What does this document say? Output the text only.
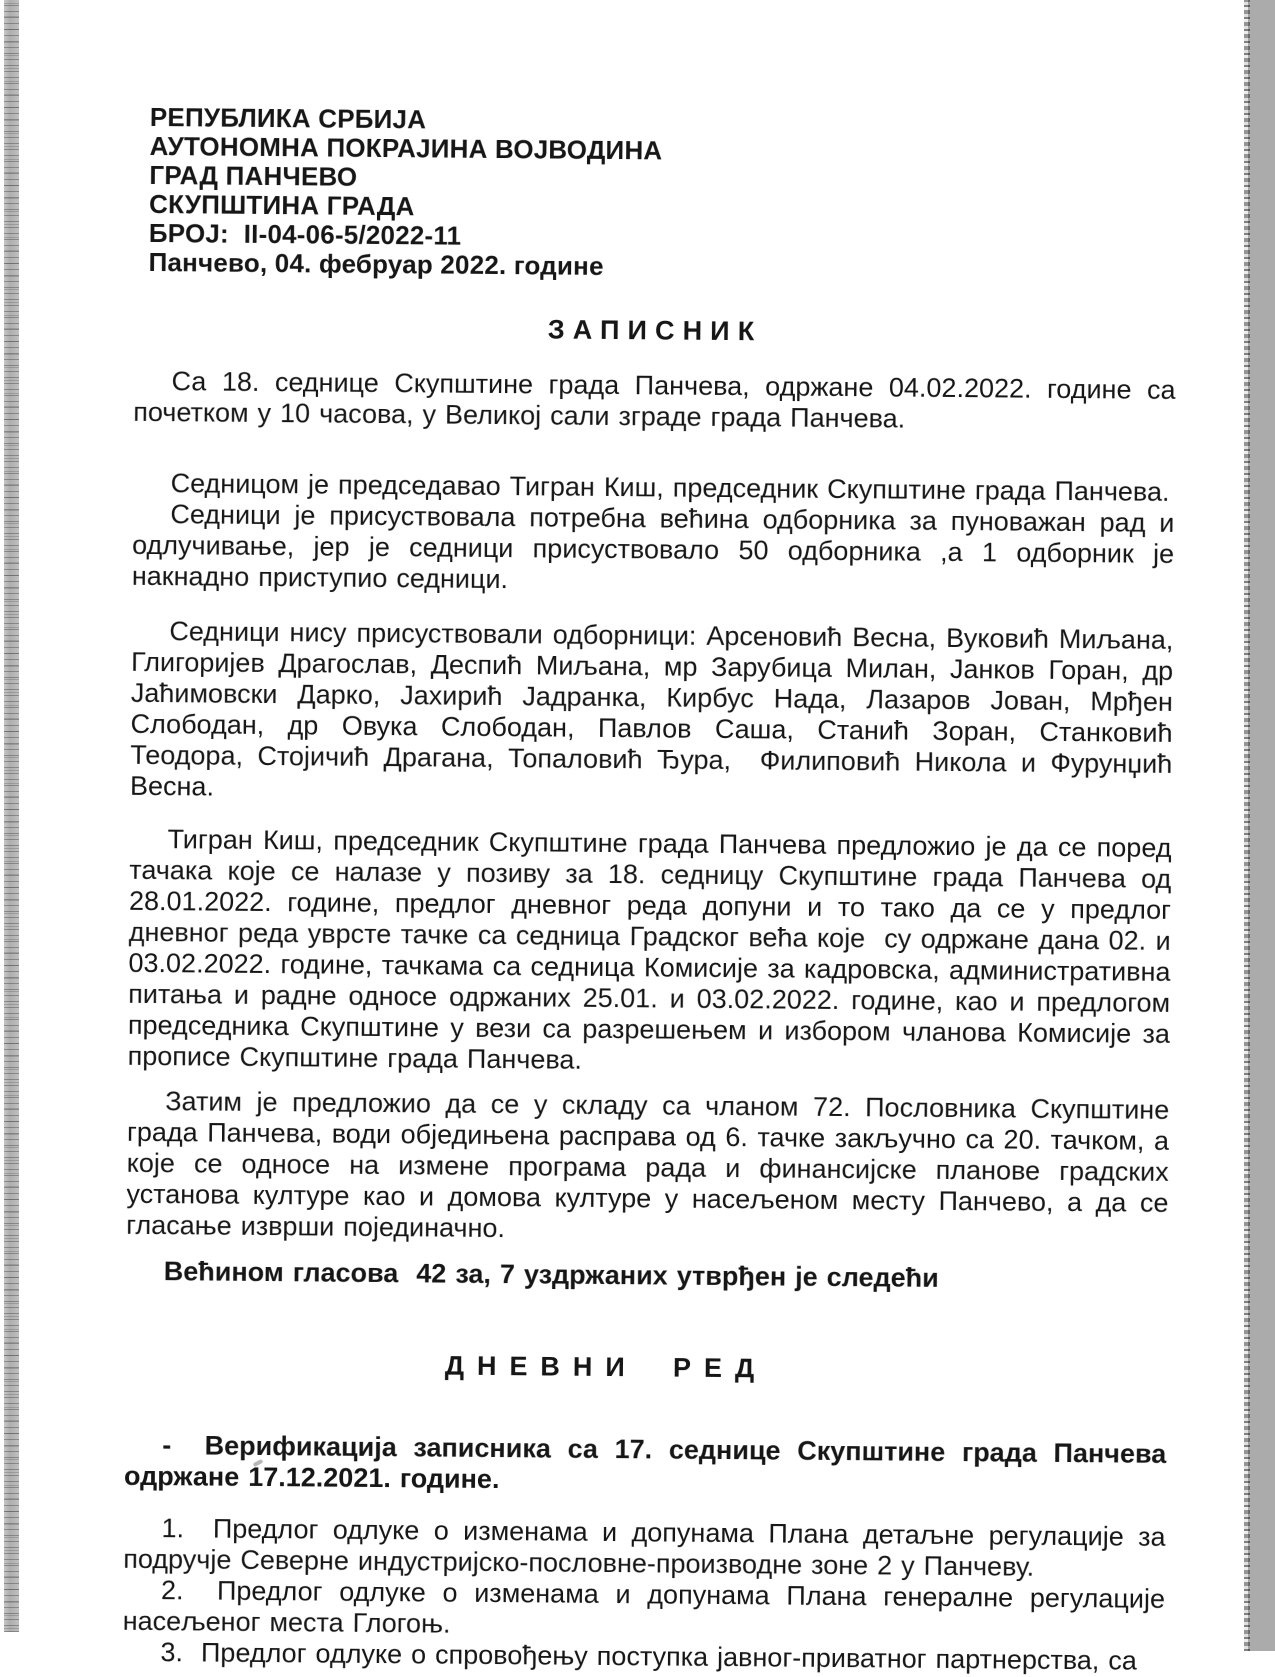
РЕПУБЛИКА СРБИЈА
АУТОНОМНА ПОКРАЈИНА ВОЈВОДИНА
ГРАД ПАНЧЕВО
СКУПШТИНА ГРАДА
БРОЈ:  II-04-06-5/2022-11
Панчево, 04. фебруар 2022. године
ЗАПИСНИК

Са 18. седнице Скупштине града Панчева, одржане 04.02.2022. године са почетком у 10 часова, у Великој сали зграде града Панчева.

Седницом је председавао Тигран Киш, председник Скупштине града Панчева.

Седници је присуствовала потребна већина одборника за пуноважан рад и одлучивање, јер је седници присуствовало 50 одборника ,а 1 одборник је накнадно приступио седници.

Седници нису присуствовали одборници: Арсеновић Весна, Вуковић Миљана, Глигоријев Драгослав, Деспић Миљана, мр Зарубица Милан, Јанков Горан, др Јаћимовски Дарко, Јахирић Јадранка, Кирбус Нада, Лазаров Јован, Мрђен Слободан, др Овука Слободан, Павлов Саша, Станић Зоран, Станковић Теодора, Стојичић Драгана, Топаловић Ђура,  Филиповић Никола и Фурунџић Весна.

Тигран Киш, председник Скупштине града Панчева предложио је да се поред тачака које се налазе у позиву за 18. седницу Скупштине града Панчева од 28.01.2022. године, предлог дневног реда допуни и то тако да се у предлог дневног реда уврсте тачке са седница Градског већа које  су одржане дана 02. и 03.02.2022. године, тачкама са седница Комисије за кадровска, административна питања и радне односе одржаних 25.01. и 03.02.2022. године, као и предлогом председника Скупштине у вези са разрешењем и избором чланова Комисије за прописе Скупштине града Панчева.

Затим је предложио да се у складу са чланом 72. Пословника Скупштине града Панчева, води обједињена расправа од 6. тачке закључно са 20. тачком, а које се односе на измене програма рада и финансијске планове градских установа културе као и домова културе у насељеном месту Панчево, а да се гласање изврши појединачно.

Већином гласова  42 за, 7 уздржаних утврђен је следећи

ДНЕВНИ РЕД

-  Верификација записника са 17. седнице Скупштине града Панчева одржане 17.12.2021. године.

1.  Предлог одлуке о изменама и допунама Плана детаљне регулације за подручје Северне индустријско-пословне-производне зоне 2 у Панчеву.

2.  Предлог одлуке о изменама и допунама Плана генералне регулације насељеног места Глогоњ.

3.  Предлог одлуке о спровођењу поступка јавног-приватног партнерства, са
